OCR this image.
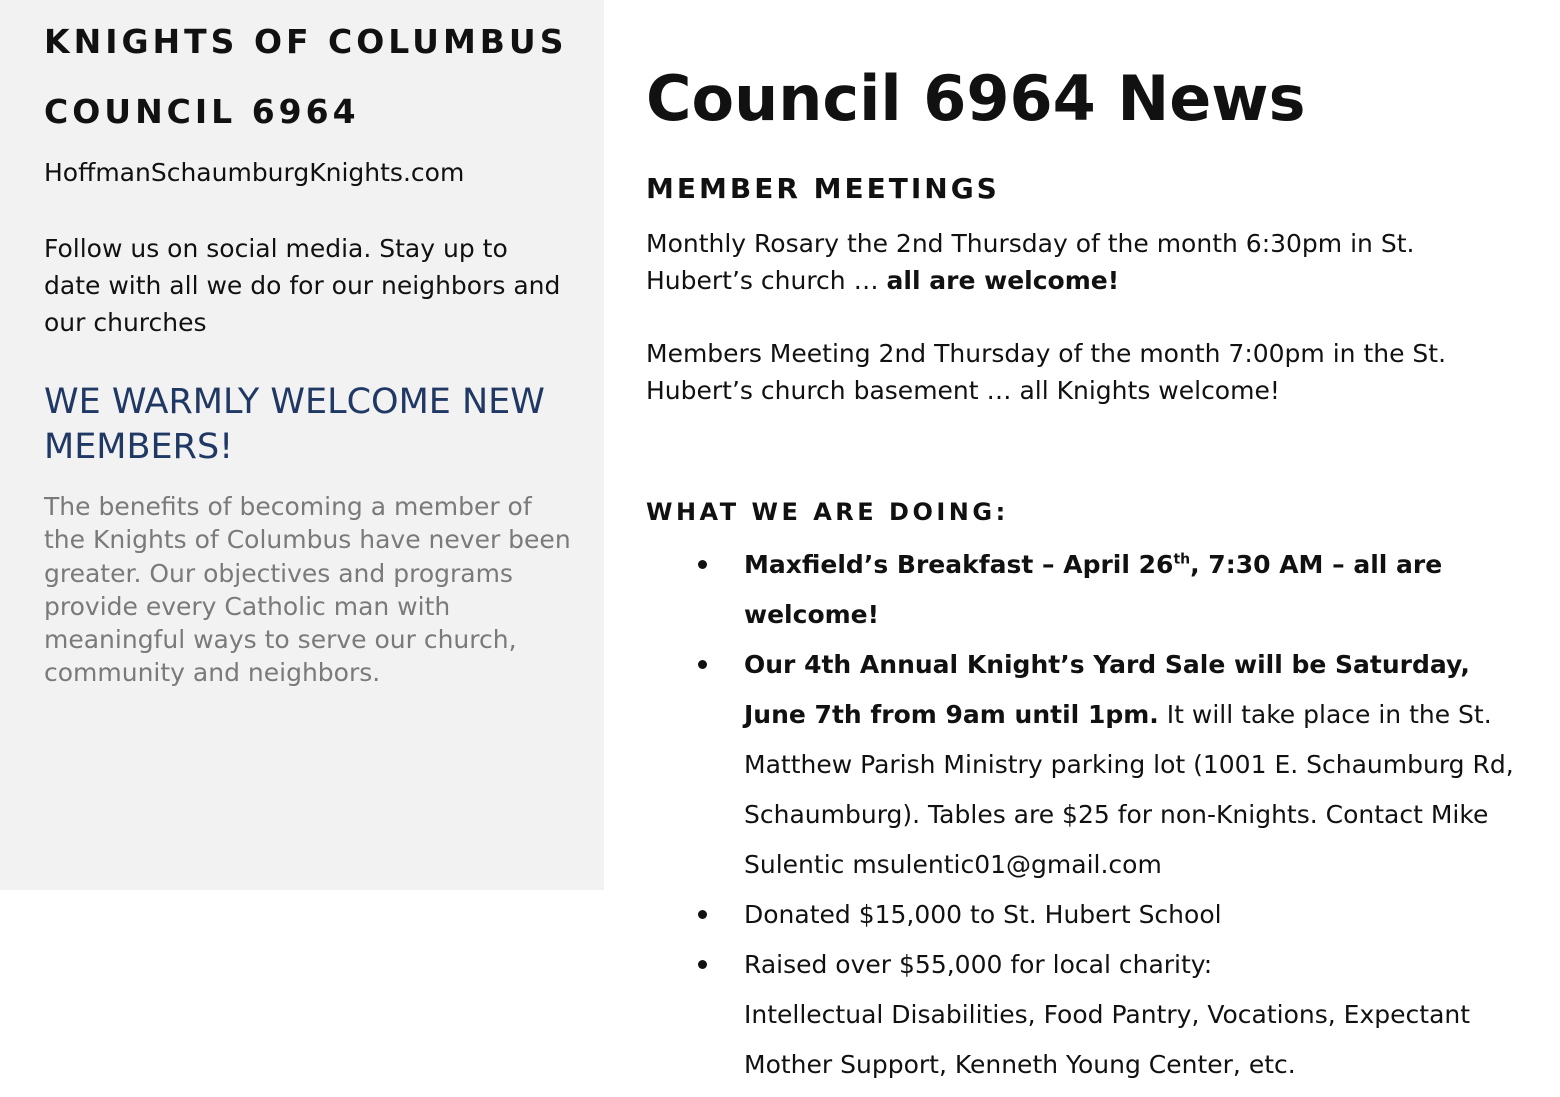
KNIGHTS OF COLUMBUS
COUNCIL 6964
HoffmanSchaumburgKnights.com
Follow us on social media. Stay up to date with all we do for our neighbors and our churches
WE WARMLY WELCOME NEW MEMBERS!
The benefits of becoming a member of the Knights of Columbus have never been greater. Our objectives and programs provide every Catholic man with meaningful ways to serve our church, community and neighbors.
Council 6964 News
MEMBER MEETINGS
Monthly Rosary the 2nd Thursday of the month 6:30pm in St. Hubert’s church … all are welcome!
Members Meeting 2nd Thursday of the month 7:00pm in the St. Hubert’s church basement … all Knights welcome!
WHAT WE ARE DOING:
Maxfield’s Breakfast – April 26th, 7:30 AM – all are welcome!
Our 4th Annual Knight’s Yard Sale will be Saturday, June 7th from 9am until 1pm. It will take place in the St. Matthew Parish Ministry parking lot (1001 E. Schaumburg Rd, Schaumburg). Tables are $25 for non-Knights. Contact Mike Sulentic msulentic01@gmail.com
Donated $15,000 to St. Hubert School
Raised over $55,000 for local charity:
Intellectual Disabilities, Food Pantry, Vocations, Expectant Mother Support, Kenneth Young Center, etc.
